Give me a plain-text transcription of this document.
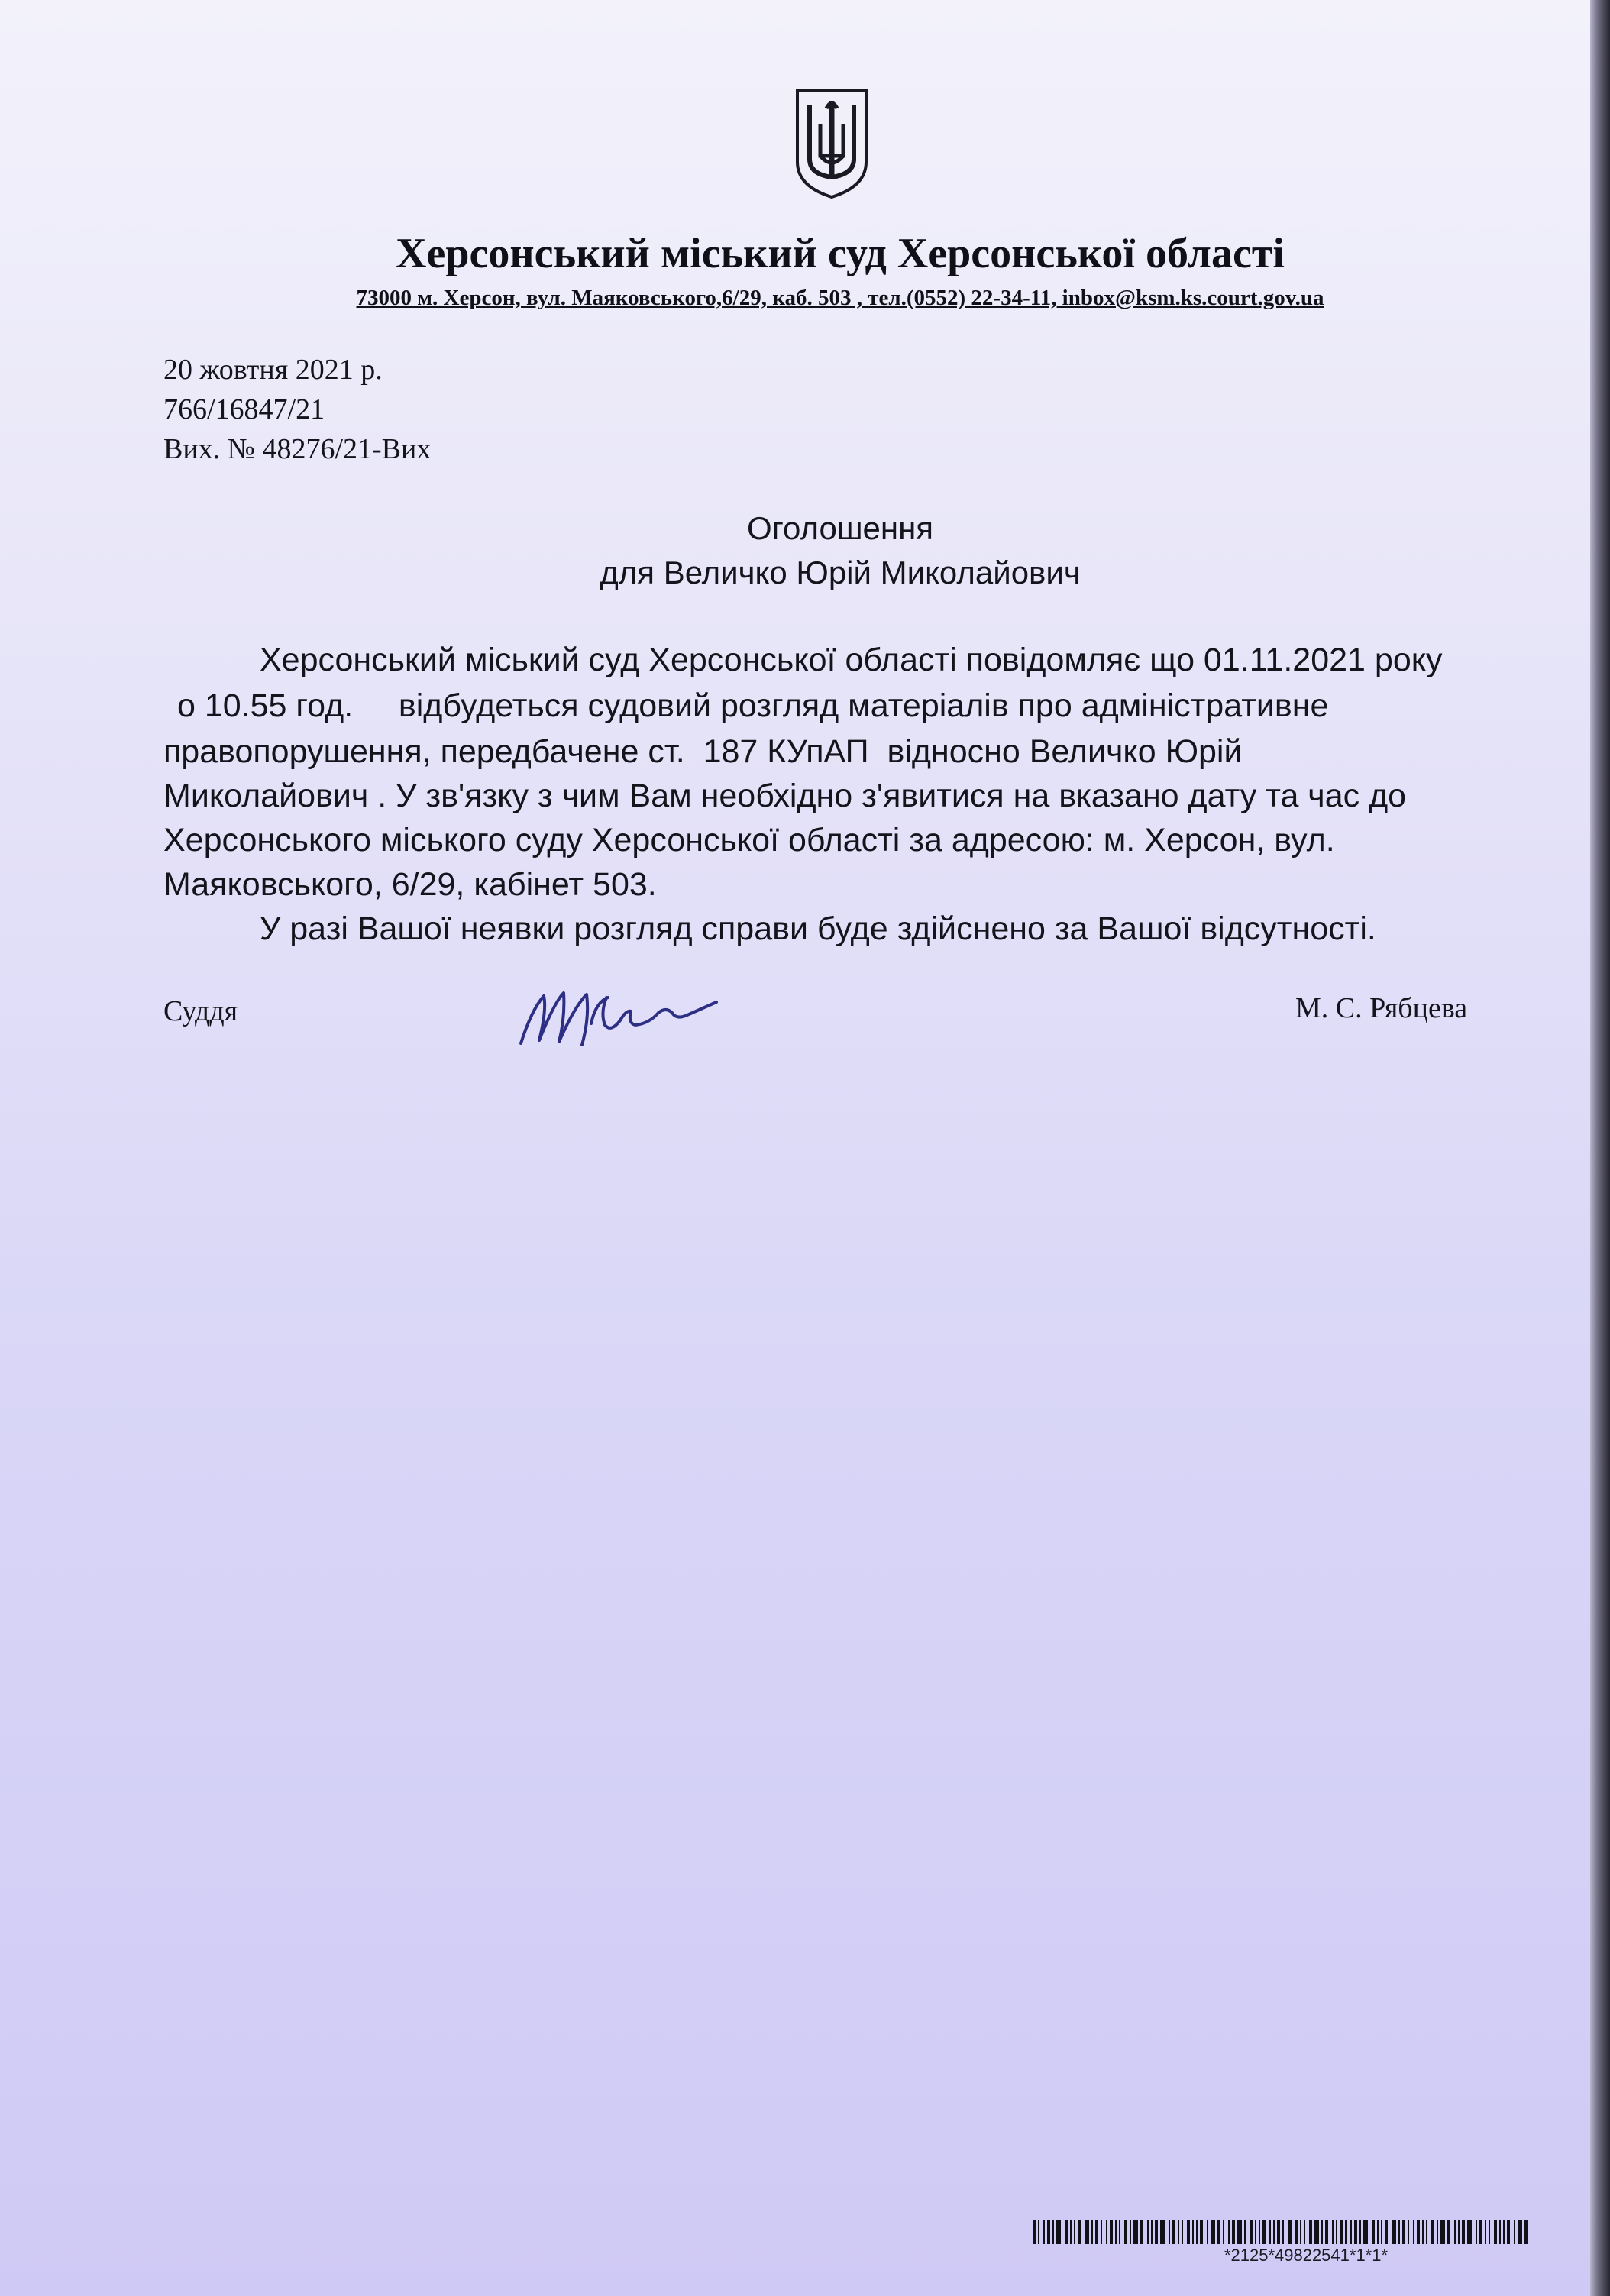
Херсонський міський суд Херсонської області
73000 м. Херсон, вул. Маяковського,6/29, каб. 503 , тел.(0552) 22-34-11, inbox@ksm.ks.court.gov.ua
20 жовтня 2021 р.
766/16847/21
Вих. № 48276/21-Вих
Оголошення
для Величко Юрій Миколайович
Херсонський міський суд Херсонської області повідомляє що 01.11.2021 року
о 10.55 год.     відбудеться судовий розгляд матеріалів про адміністративне
правопорушення, передбачене ст.  187 КУпАП  відносно Величко Юрій
Миколайович . У зв'язку з чим Вам необхідно з'явитися на вказано дату та час до
Херсонського міського суду Херсонської області за адресою: м. Херсон, вул.
Маяковського, 6/29, кабінет 503.
У разі Вашої неявки розгляд справи буде здійснено за Вашої відсутності.
Суддя	М. С. Рябцева
*2125*49822541*1*1*
